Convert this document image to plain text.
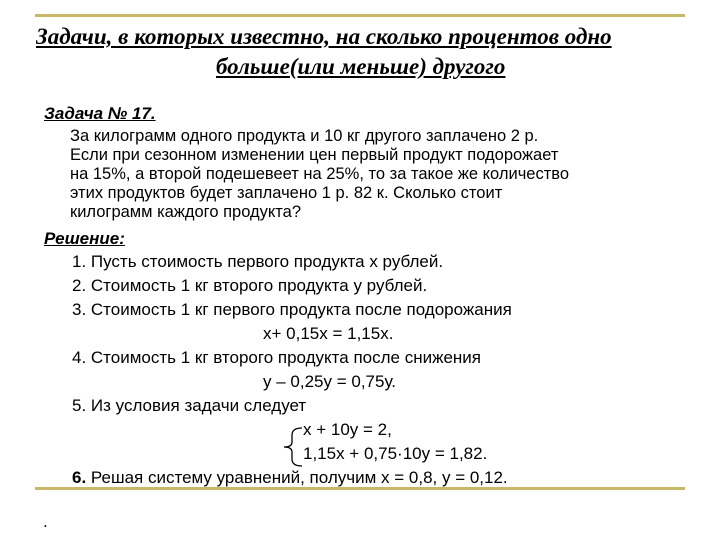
Задачи, в которых известно, на сколько процентов одно
больше(или меньше) другого
Задача № 17.
За килограмм одного продукта и 10 кг другого заплачено 2 р.
Если при сезонном изменении цен первый продукт подорожает
на 15%, а второй подешевеет на 25%, то за такое же количество
этих продуктов будет заплачено 1 р. 82 к. Сколько стоит
килограмм каждого продукта?
Решение:
1. Пусть стоимость первого продукта х рублей.
2. Стоимость 1 кг второго продукта у рублей.
3. Стоимость 1 кг первого продукта после подорожания
х+ 0,15х = 1,15х.
4. Стоимость 1 кг второго продукта после снижения
у – 0,25у = 0,75у.
5. Из условия задачи следует
х + 10у = 2,
1,15х + 0,75·10у = 1,82.
6. Решая систему уравнений, получим х = 0,8, у = 0,12.
.
